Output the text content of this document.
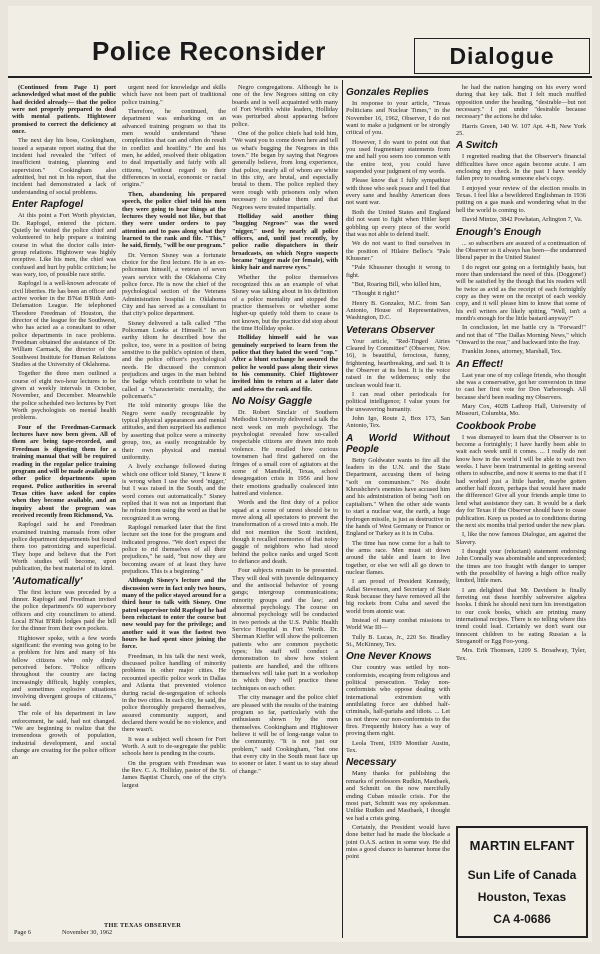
Police Reconsider	Dialogue

(Continued from Page 1) port acknowledged what most of the public had decided already— that the police were not properly prepared to deal with mental patients. Hightower promised to correct the deficiency at once.

The next day his boss, Cookingham, issued a separate report stating that the incident had revealed the "effect of insufficient training, planning and supervision." Cookingham also admitted, but not in his report, that the incident had demonstrated a lack of understanding of social problems.

Enter Rapfogel

At this point a Fort Worth physician, Dr. Rapfogel, entered the picture. Quietly he visited the police chief and volunteered to help prepare a training course in what the doctor calls inter-group relations. Hightower was highly receptive. Like his men, the chief was confused and hurt by public criticism; he was wary, too, of possible race strife.

Rapfogel is a well-known advocate of civil liberties. He has been an officer and active worker in the B'Nai B'Rith Anti-Defamation League. He telephoned Theodore Freedman of Houston, the director of the league for the Southwest, who has acted as a consultant to other police departments in race problems. Freedman obtained the assistance of Dr. William Carmack, the director of the Southwest Institute for Human Relations Studies at the University of Oklahoma.

Together the three men outlined a course of eight two-hour lectures to be given at weekly intervals in October, November, and December. Meanwhile the police scheduled two lectures by Fort Worth psychologists on mental health problems.

Four of the Freedman-Carmack lectures have now been given. All of them are being tape-recorded, and Freedman is digesting them for a training manual that will be required reading in the regular police training program and will be made available to other police departments upon request. Police authorities in several Texas cities have asked for copies when they become available, and an inquiry about the program was received recently from Richmond, Va.

Rapfogel said he and Freedman examined training manuals from other police department departments but found them too patronizing and superficial. They hope and believe that the Fort Worth studies will become, upon publication, the best material of its kind.

'Automatically'

The first lecture was preceded by a dinner. Rapfogel and Freedman invited the police department's 60 supervisory officers and city councilmen to attend. Local B'Nai B'Rith lodges paid the bill for the dinner from their own pockets.

Hightower spoke, with a few words significant: the evening was going to be a problem for him and many of his fellow citizens who only dimly perceived before. "Police officers throughout the country are facing increasingly difficult, highly complex, and sometimes explosive situations involving divergent groups of citizens," he said.

The role of his department in law enforcement, he said, had not changed. "We are beginning to realize that the tremendous growth of population, industrial development, and social change are creating for the police officer an

urgent need for knowledge and skills which have not been part of traditional police training."

Therefore, he continued, the department was embarking on an advanced training program so that its men would understand "these complexities that can and often do result in conflict and hostility." He and his men, he added, resolved their obligation to deal impartially and fairly with all citizens, "without regard to their differences in social, economic or racial origins."

Then, abandoning his prepared speech, the police chief told his men they were going to hear things at the lectures they would not like, but that they were under orders to pay attention and to pass along what they learned to the rank and file. "This," he said, firmly, "will be our program."

Dr. Vernon Sisney was a fortunate choice for the first lecture. He is an ex-policeman himself, a veteran of seven years service with the Oklahoma City police force. He is now the chief of the psychological section of the Veterans Administration hospital in Oklahoma City and has served as a consultant to that city's police department.

Sisney delivered a talk called "The Policeman Looks at Himself." In an earthy idiom he described how the police, too, were in a position of being sensitive to the public's opinion of them, and the police officer's psychological needs. He discussed the common prejudices and urges in the man behind the badge which contribute to what he called a "characteristic mentality, the policeman's."

He told minority groups like the Negro were easily recognizable by typical physical appearances and mental attitudes, and then surprised his audience by asserting that police were a minority group, too, as easily recognizable by their own physical and mental uniformity.

A lively exchange followed during which one officer told Sisney, "I know it is wrong when I use the word 'nigger,' but I was raised in the South, and the word comes out automatically." Sisney replied that it was not as important that he refrain from using the word as that he recognized it as wrong.

Rapfogel remarked later that the first lecture set the tone for the program and indicated progress. "We don't expect the police to rid themselves of all their prejudices," he said, "but now they are becoming aware of at least they have prejudices. This is a beginning."

Although Sisney's lecture and the discussion were in fact only two hours, many of the police stayed around for a third hour to talk with Sisney. One patrol supervisor told Rapfogel he had been reluctant to enter the course but now would pay for the privilege; and another said it was the fastest two hours he had spent since joining the force.

Freedman, in his talk the next week, discussed police handling of minority problems in other major cities. He recounted specific police work in Dallas and Atlanta that prevented violence during racial de-segregation of schools in the two cities. In each city, he said, the police thoroughly prepared themselves, assured community support, and declared there would be no violence, and there wasn't.

It was a subject well chosen for Fort Worth. A suit to de-segregate the public schools here is pending in the courts.

On the program with Freedman was the Rev. C. A. Holliday, pastor of the St. James Baptist Church, one of the city's largest

Negro congregations. Although he is one of the few Negroes sitting on city boards and is well acquainted with many of Fort Worth's white leaders, Holliday was perturbed about appearing before police.

One of the police chiefs had told him, "We want you to come down here and tell us what's bugging the Negroes in this town." He began by saying that Negroes generally believe, from long experience, that police, nearly all of whom are white in this city, are brutal, and especially brutal to them. The police replied they were rough with prisoners only when necessary to subdue them and that Negroes were treated impartially.

Holliday said another thing "bugging Negroes" was the word "nigger," used by nearly all police officers, and, until just recently, by police radio dispatchers in their broadcasts, on which Negro suspects became "nigger male (or female), with kinky hair and narrow eyes."

Whether the police themselves recognized this as an example of what Sisney was talking about in his definition of a police mentality and stopped the practice themselves or whether some higher-up quietly told them to cease is not known, but the practice did stop about the time Holliday spoke.

Holliday himself said he was genuinely surprised to learn from the police that they hated the word "cop." After a blunt exchange he assured the police he would pass along their views to his community. Chief Hightower invited him to return at a later date and address the rank and file.

No Noisy Gaggle

Dr. Robert Sinclair of Southern Methodist University delivered a talk the next week on mob psychology. The psychologist revealed how so-called respectable citizens are drawn into mob violence. He recalled how curious townsmen had first gathered on the fringes of a small core of agitators at the scene of Mansfield, Texas, school desegregation crisis in 1956 and how their emotions gradually coalesced into hatred and violence.

Words and the first duty of a police squad at a scene of unrest should be to move along all spectators to prevent the transformation of a crowd into a mob. He did not mention the Scott incident, though it recalled memories of that noisy gaggle of neighbors who had stood behind the police ranks and urged Scott to defiance and death.

Four subjects remain to be presented. They will deal with juvenile delinquency and the antisocial behavior of young gangs; intergroup communications; minority groups and the law; and abnormal psychology. The course on abnormal psychology will be conducted in two periods at the U.S. Public Health Service Hospital in Fort Worth. Dr. Sherman Kieffer will show the policemen patients who are common psychotic types; his staff will conduct a demonstration to show how violent patients are handled, and the officers themselves will take part in a workshop in which they will practice these techniques on each other.

The city manager and the police chief are pleased with the results of the training program so far, particularly with the enthusiasm shown by the men themselves. Cookingham and Hightower believe it will be of long-range value to the community. "It is not just our problem," said Cookingham, "but one that every city in the South must face up to sooner or later. I want us to stay ahead of change."

Gonzales Replies

In response to your article, "Texas Politicians and Nuclear Times," in the November 16, 1962, Observer, I do not want to make a judgment or be strongly critical of you.

However, I do want to point out that you used fragmentary statements from me and half you seem too common with the entire text, you could have suspended your judgment of my words.

Please know that I fully sympathize with those who seek peace and I feel that every sane and healthy American does not want war.

Both the United States and England did not want to fight when Hitler kept gobbling up every piece of the world that was not able to defend itself.

We do not want to find ourselves in the position of Hilaire Belloc's "Pale Khussner."

"Pale Khussner thought it wrong to fight.

"But, Roaring Bill, who killed him,

"Thought it right!"

Henry B. Gonzalez, M.C. from San Antonio, House of Representatives, Washington, D.C.

Veterans Observer

Your article, "Red-Tinged Airies Cleared by Committee" (Observer, Nov. 16), is beautiful, ferocious, funny, frightening, heartbreaking, and sad. It is the Observer at its best. It is the voice raised in the wilderness; only the unclean would fear it.

I can read other periodicals for political intelligence; I value yours for the unwavering humanity.

John Igo, Route 2, Box 173, San Antonio, Tex.

A World Without People

Betty Goldwater wants to fire all the leaders in the U.N. and the State Department, accusing them of being "soft on communism." No doubt Khrushchev's enemies have accused him and his administration of being "soft on capitalism." When the other side wants to start a nuclear war, the earth, a huge hydrogen missile, is just as destructive in the hands of West Germany or France or England or Turkey as it is in Cuba.

The time has now come for a halt to the arms race. Men must sit down around the table and learn to live together, or else we will all go down to nuclear flames.

I am proud of President Kennedy, Adlai Stevenson, and Secretary of State Rusk because they have removed all the big rockets from Cuba and saved the world from atomic war.

Instead of many combat missions to World War III—

Tully B. Lucas, Jr., 220 So. Bradley St., McKinney, Tex.

One Never Knows

Our country was settled by non-conformists, escaping from religious and political persecution. Today non-conformists who oppose dealing with international extremism with annihilating force are dubbed half-criminals, half-pariahs and idiots. ... Let us not throw our non-conformists to the fires. Frequently history has a way of proving them right.

Leola Trent, 1939 Montfair Austin, Tex.

Necessary

Many thanks for publishing the remarks of professors Rudkin, Mastbaek, and Schmitt on the now mercifully ending Cuban missile crisis. For the most part, Schmitt was my spokesman. Unlike Rudkin and Mastbaek, I thought we had a crisis going.

Certainly, the President would have done better had he made the blockade a joint O.A.S. action in some way. He did miss a good chance to hammer home the point

he had the nation hanging on his every word during that key talk. But I felt much muffled opposition under the heading, "desirable—but not necessary." I put under "desirable because necessary" the actions he did take.

Harris Green, 140 W. 107 Apt. 4-B, New York 25.

A Switch

I regretted reading that the Observer's financial difficulties have once again become acute. I am enclosing my check. In the past I have weekly fallen prey to reading someone else's copy.

I enjoyed your review of the election results in Texas. I feel like a bewildered Englishman in 1936 putting on a gas mask and wondering what in the hell the world is coming to.

David Mintze, 3842 Powhatan, Arlington 7, Va.

Enough's Enough

... so subscribers are assured of a continuation of the Observer so it always has been—the undamned liberal paper in the United States!

I do regret our going on a fortnightly basis, but more than understand the need of this. (Doggone!) will be satisfied by the though that his readers will be twice as avid as the receipt of each fortnightly copy as they were on the receipt of each weekly copy, and it will please him to know that some of his evil writers are likely spiting, "Well, isn't a month's enough for the little bastard anyway?"

In conclusion, let me battle cry is "Forward!" and not that of "The Dallas Morning News," which "Onward to the rear," and backward into the fray.

Franklin Jones, attorney, Marshall, Tex.

An Effect!

Last year one of my college friends, who thought she was a conservative, got her conversion in time to cast her first vote for Don Yarborough. All because she'd been reading my Observers.

Mary Cox, 402B Lathrop Hall, University of Missouri, Columbia, Mo.

Cookbook Probe

I was dismayed to learn that the Observer is to become a fortnightly; I have hardly been able to wait each week until it comes. ... I really do not know how in the world I will be able to wait two weeks. I have been instrumental in getting several others to subscribe, and now it seems to me that if I had worked just a little harder, maybe gotten another half dozen, perhaps that would have made the difference! Give all your friends ample time to lend what assistance they can. It would be a dark day for Texas if the Observer should have to cease publication. Keep us posted as to conditions during the next six months trial period under the new plan.

I, like the now famous Dialogue, am against the Slavery.

I thought your (reluctant) statement endorsing John Connally was abominable and unprecedented; the times are too fraught with danger to tamper with the possibility of having a high office really limited, little men.

I am delighted that Mr. Davidson is finally ferreting out these horribly subversive algebra books. I think he should next turn his investigation to our cook books, which are printing many international recipes. There is no telling where this trend could lead. Certainly we don't want our innocent children to be eating Russian a la Stroganoff or Egg Foo-yong.

Mrs. Erik Thomsen, 1209 S. Broadway, Tyler, Tex.

MARTIN ELFANT
Sun Life of Canada
Houston, Texas
CA 4-0686
THE TEXAS OBSERVER
Page 6	November 30, 1962
